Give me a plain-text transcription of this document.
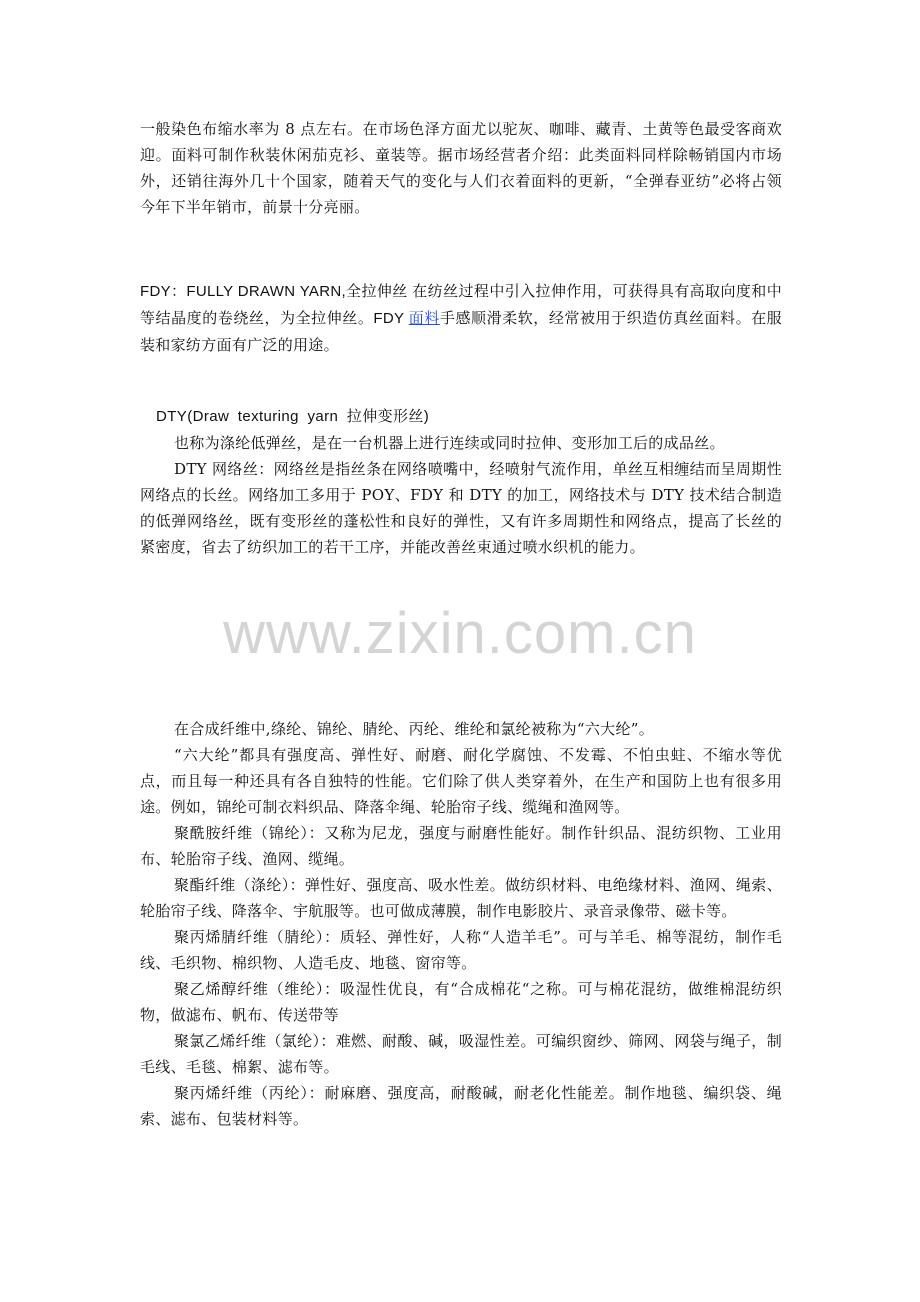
一般染色布缩水率为 8 点左右。在市场色泽方面尤以驼灰、咖啡、藏青、土黄等色最受客商欢迎。面料可制作秋装休闲茄克衫、童装等。据市场经营者介绍：此类面料同样除畅销国内市场外，还销往海外几十个国家，随着天气的变化与人们衣着面料的更新，“全弹春亚纺”必将占领今年下半年销市，前景十分亮丽。

FDY：FULLY DRAWN YARN,全拉伸丝 在纺丝过程中引入拉伸作用，可获得具有高取向度和中等结晶度的卷绕丝，为全拉伸丝。FDY 面料手感顺滑柔软，经常被用于织造仿真丝面料。在服装和家纺方面有广泛的用途。

DTY(Draw texturing yarn 拉伸变形丝)

也称为涤纶低弹丝，是在一台机器上进行连续或同时拉伸、变形加工后的成品丝。

DTY 网络丝：网络丝是指丝条在网络喷嘴中，经喷射气流作用，单丝互相缠结而呈周期性网络点的长丝。网络加工多用于 POY、FDY 和 DTY 的加工，网络技术与 DTY 技术结合制造的低弹网络丝，既有变形丝的蓬松性和良好的弹性，又有许多周期性和网络点，提高了长丝的紧密度，省去了纺织加工的若干工序，并能改善丝束通过喷水织机的能力。

www.zixin.com.cn

在合成纤维中,绦纶、锦纶、腈纶、丙纶、维纶和氯纶被称为“六大纶”。

“六大纶”都具有强度高、弹性好、耐磨、耐化学腐蚀、不发霉、不怕虫蛀、不缩水等优点，而且每一种还具有各自独特的性能。它们除了供人类穿着外，在生产和国防上也有很多用途。例如，锦纶可制衣料织品、降落伞绳、轮胎帘子线、缆绳和渔网等。

聚酰胺纤维（锦纶）：又称为尼龙，强度与耐磨性能好。制作针织品、混纺织物、工业用布、轮胎帘子线、渔网、缆绳。

聚酯纤维（涤纶）：弹性好、强度高、吸水性差。做纺织材料、电绝缘材料、渔网、绳索、轮胎帘子线、降落伞、宇航服等。也可做成薄膜，制作电影胶片、录音录像带、磁卡等。

聚丙烯腈纤维（腈纶）：质轻、弹性好，人称“人造羊毛”。可与羊毛、棉等混纺，制作毛线、毛织物、棉织物、人造毛皮、地毯、窗帘等。

聚乙烯醇纤维（维纶）：吸湿性优良，有“合成棉花“之称。可与棉花混纺，做维棉混纺织物，做滤布、帆布、传送带等

聚氯乙烯纤维（氯纶）：难燃、耐酸、碱，吸湿性差。可编织窗纱、筛网、网袋与绳子，制毛线、毛毯、棉絮、滤布等。

聚丙烯纤维（丙纶）：耐麻磨、强度高，耐酸碱，耐老化性能差。制作地毯、编织袋、绳索、滤布、包装材料等。
